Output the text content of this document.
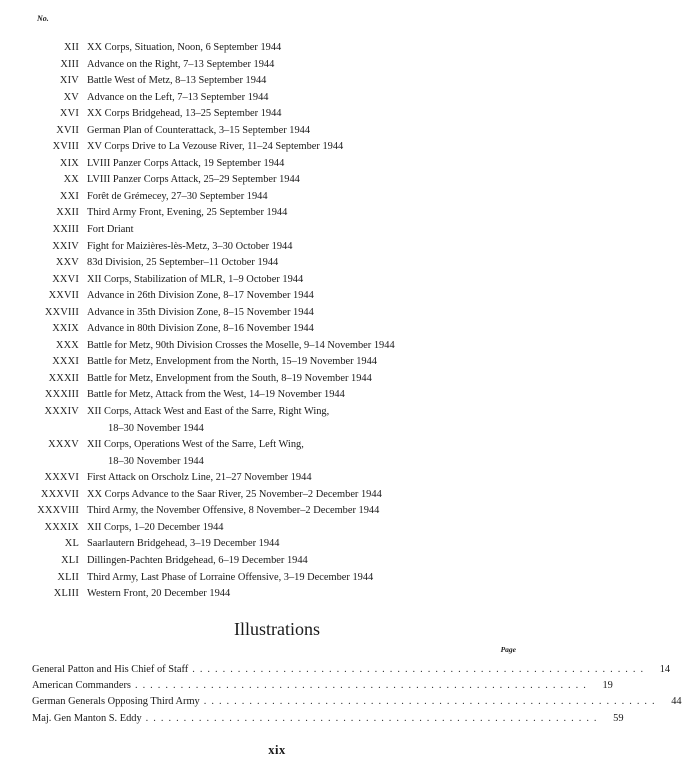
No.
XII XX Corps, Situation, Noon, 6 September 1944
XIII Advance on the Right, 7–13 September 1944
XIV Battle West of Metz, 8–13 September 1944
XV Advance on the Left, 7–13 September 1944
XVI XX Corps Bridgehead, 13–25 September 1944
XVII German Plan of Counterattack, 3–15 September 1944
XVIII XV Corps Drive to La Vezouse River, 11–24 September 1944
XIX LVIII Panzer Corps Attack, 19 September 1944
XX LVIII Panzer Corps Attack, 25–29 September 1944
XXI Forêt de Grémecey, 27–30 September 1944
XXII Third Army Front, Evening, 25 September 1944
XXIII Fort Driant
XXIV Fight for Maizières-lès-Metz, 3–30 October 1944
XXV 83d Division, 25 September–11 October 1944
XXVI XII Corps, Stabilization of MLR, 1–9 October 1944
XXVII Advance in 26th Division Zone, 8–17 November 1944
XXVIII Advance in 35th Division Zone, 8–15 November 1944
XXIX Advance in 80th Division Zone, 8–16 November 1944
XXX Battle for Metz, 90th Division Crosses the Moselle, 9–14 November 1944
XXXI Battle for Metz, Envelopment from the North, 15–19 November 1944
XXXII Battle for Metz, Envelopment from the South, 8–19 November 1944
XXXIII Battle for Metz, Attack from the West, 14–19 November 1944
XXXIV XII Corps, Attack West and East of the Sarre, Right Wing,
18–30 November 1944
XXXV XII Corps, Operations West of the Sarre, Left Wing,
18–30 November 1944
XXXVI First Attack on Orscholz Line, 21–27 November 1944
XXXVII XX Corps Advance to the Saar River, 25 November–2 December 1944
XXXVIII Third Army, the November Offensive, 8 November–2 December 1944
XXXIX XII Corps, 1–20 December 1944
XL Saarlautern Bridgehead, 3–19 December 1944
XLI Dillingen-Pachten Bridgehead, 6–19 December 1944
XLII Third Army, Last Phase of Lorraine Offensive, 3–19 December 1944
XLIII Western Front, 20 December 1944
Illustrations
Page
General Patton and His Chief of Staff ............................................................	14
American Commanders ............................................................	19
German Generals Opposing Third Army ............................................................	44
Maj. Gen Manton S. Eddy ............................................................	59
xix
